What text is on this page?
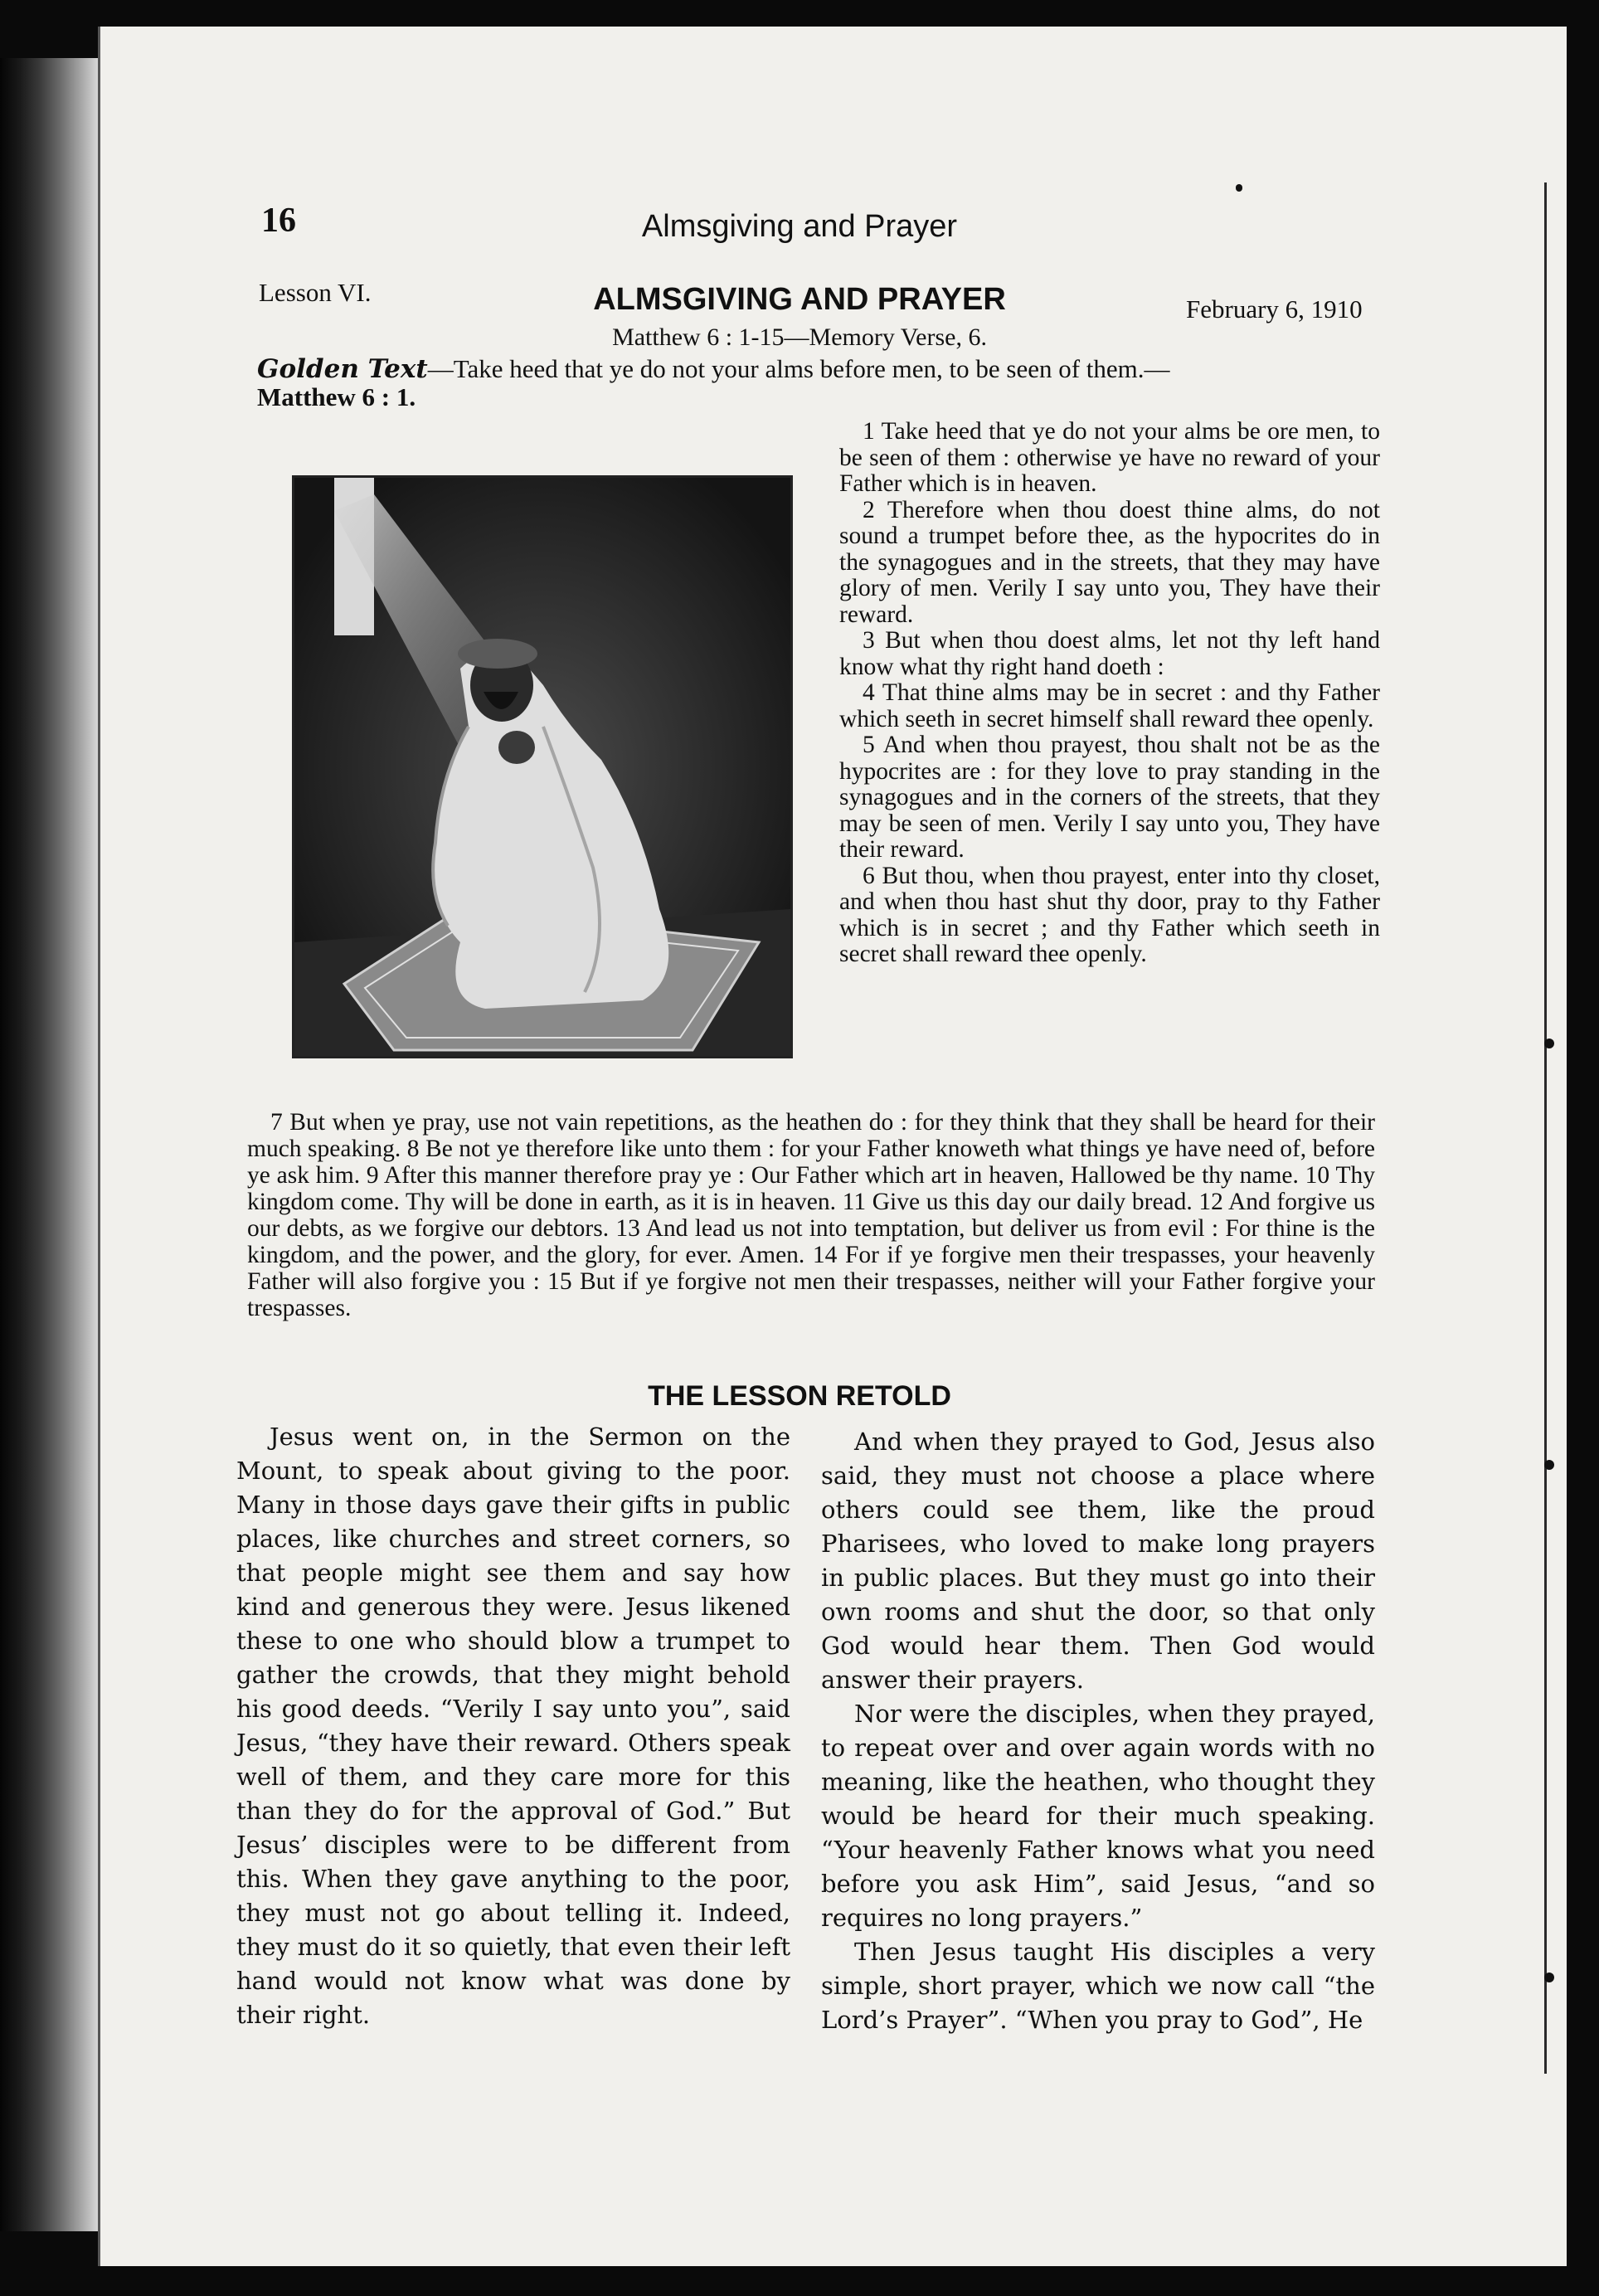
16	Almsgiving and Prayer
Lesson VI.	ALMSGIVING AND PRAYER	February 6, 1910
Matthew 6 : 1-15—Memory Verse, 6.
Golden Text—Take heed that ye do not your alms before men, to be seen of them.—
Matthew 6 : 1.

1 Take heed that ye do not your alms be ore men, to be seen of them : otherwise ye have no reward of your Father which is in heaven.

2 Therefore when thou doest thine alms, do not sound a trumpet before thee, as the hypocrites do in the synagogues and in the streets, that they may have glory of men. Verily I say unto you, They have their reward.

3 But when thou doest alms, let not thy left hand know what thy right hand doeth :

4 That thine alms may be in secret : and thy Father which seeth in secret himself shall reward thee openly.

5 And when thou prayest, thou shalt not be as the hypocrites are : for they love to pray standing in the synagogues and in the corners of the streets, that they may be seen of men. Verily I say unto you, They have their reward.

6 But thou, when thou prayest, enter into thy closet, and when thou hast shut thy door, pray to thy Father which is in secret ; and thy Father which seeth in secret shall reward thee openly.

7 But when ye pray, use not vain repetitions, as the heathen do : for they think that they shall be heard for their much speaking. 8 Be not ye therefore like unto them : for your Father knoweth what things ye have need of, before ye ask him. 9 After this manner therefore pray ye : Our Father which art in heaven, Hallowed be thy name. 10 Thy kingdom come. Thy will be done in earth, as it is in heaven. 11 Give us this day our daily bread. 12 And forgive us our debts, as we forgive our debtors. 13 And lead us not into temptation, but deliver us from evil : For thine is the kingdom, and the power, and the glory, for ever. Amen. 14 For if ye forgive men their trespasses, your heavenly Father will also forgive you : 15 But if ye forgive not men their trespasses, neither will your Father forgive your trespasses.

THE LESSON RETOLD

Jesus went on, in the Sermon on the Mount, to speak about giving to the poor. Many in those days gave their gifts in public places, like churches and street corners, so that people might see them and say how kind and generous they were. Jesus likened these to one who should blow a trumpet to gather the crowds, that they might behold his good deeds. “Verily I say unto you”, said Jesus, “they have their reward. Others speak well of them, and they care more for this than they do for the approval of God.” But Jesus’ disciples were to be different from this. When they gave anything to the poor, they must not go about telling it. Indeed, they must do it so quietly, that even their left hand would not know what was done by their right.

And when they prayed to God, Jesus also said, they must not choose a place where others could see them, like the proud Pharisees, who loved to make long prayers in public places. But they must go into their own rooms and shut the door, so that only God would hear them. Then God would answer their prayers.

Nor were the disciples, when they prayed, to repeat over and over again words with no meaning, like the heathen, who thought they would be heard for their much speaking. “Your heavenly Father knows what you need before you ask Him”, said Jesus, “and so requires no long prayers.”

Then Jesus taught His disciples a very simple, short prayer, which we now call “the Lord’s Prayer”. “When you pray to God”, He
